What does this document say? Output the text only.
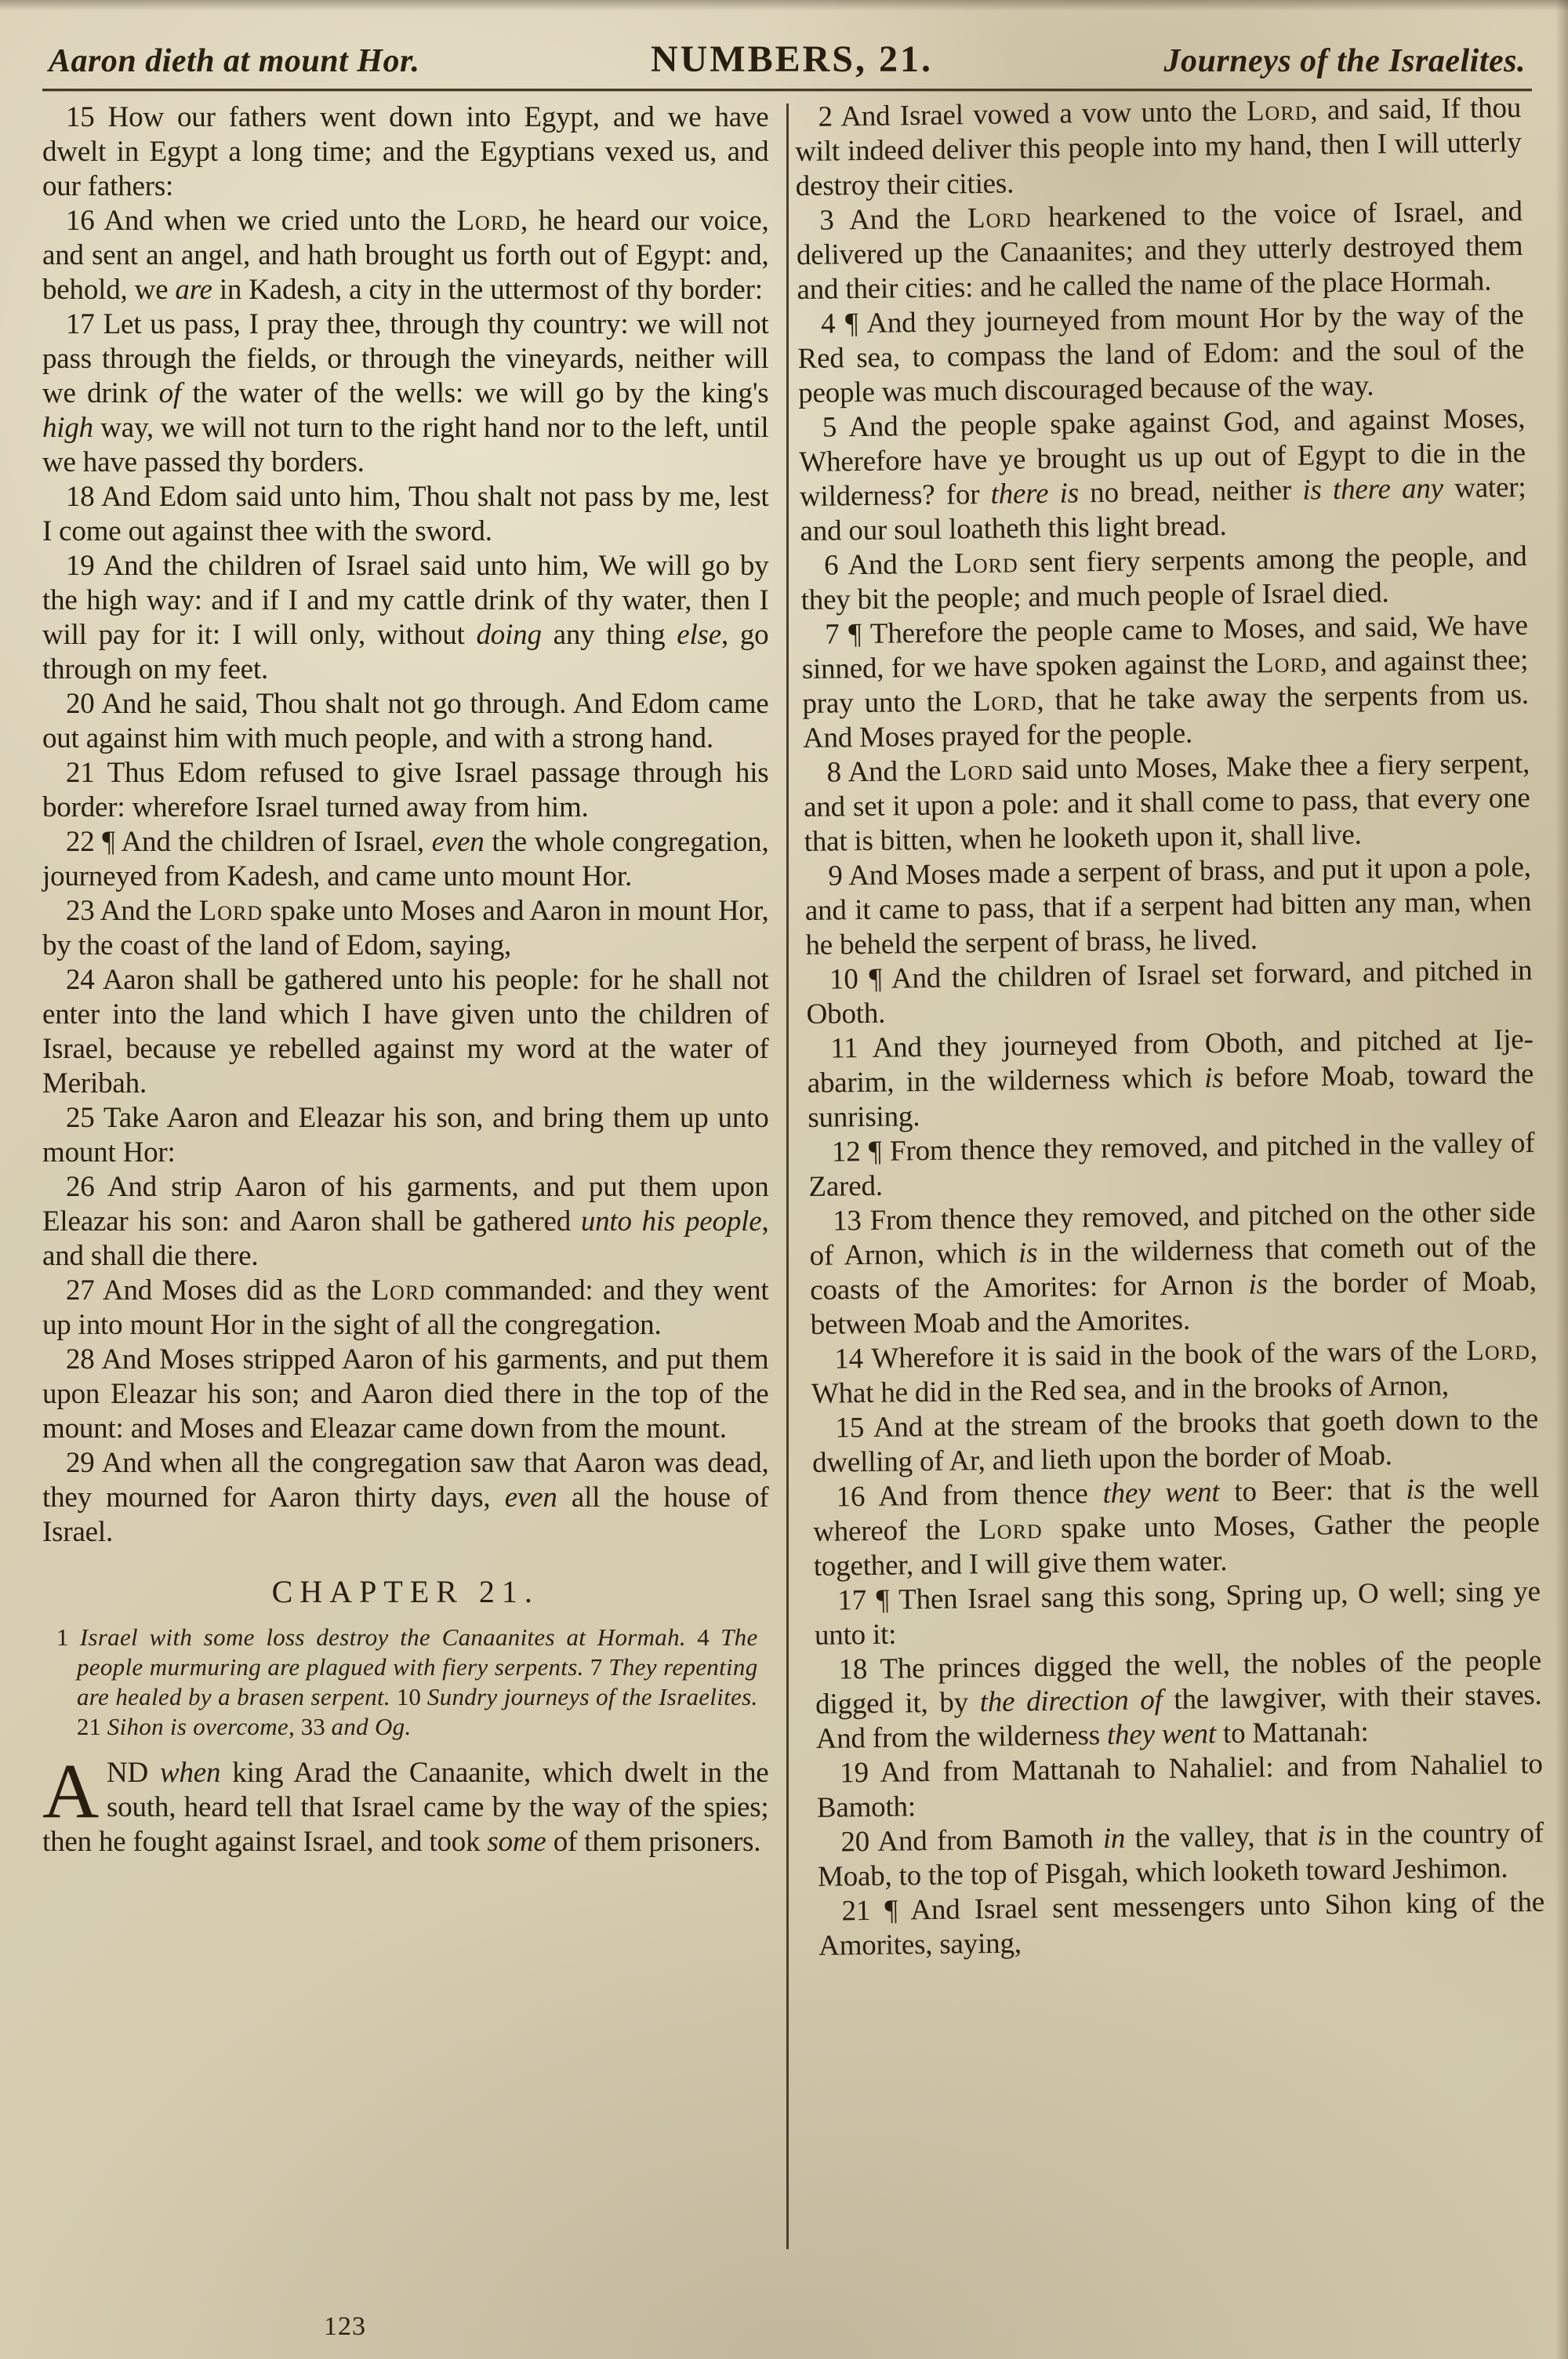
Aaron dieth at mount Hor.	NUMBERS, 21.	Journeys of the Israelites.

15 How our fathers went down into Egypt, and we have dwelt in Egypt a long time; and the Egyptians vexed us, and our fathers:

16 And when we cried unto the Lord, he heard our voice, and sent an angel, and hath brought us forth out of Egypt: and, behold, we are in Kadesh, a city in the uttermost of thy border:

17 Let us pass, I pray thee, through thy country: we will not pass through the fields, or through the vineyards, neither will we drink of the water of the wells: we will go by the king's high way, we will not turn to the right hand nor to the left, until we have passed thy borders.

18 And Edom said unto him, Thou shalt not pass by me, lest I come out against thee with the sword.

19 And the children of Israel said unto him, We will go by the high way: and if I and my cattle drink of thy water, then I will pay for it: I will only, without doing any thing else, go through on my feet.

20 And he said, Thou shalt not go through. And Edom came out against him with much people, and with a strong hand.

21 Thus Edom refused to give Israel passage through his border: wherefore Israel turned away from him.

22 ¶ And the children of Israel, even the whole congregation, journeyed from Kadesh, and came unto mount Hor.

23 And the Lord spake unto Moses and Aaron in mount Hor, by the coast of the land of Edom, saying,

24 Aaron shall be gathered unto his people: for he shall not enter into the land which I have given unto the children of Israel, because ye rebelled against my word at the water of Meribah.

25 Take Aaron and Eleazar his son, and bring them up unto mount Hor:

26 And strip Aaron of his garments, and put them upon Eleazar his son: and Aaron shall be gathered unto his people, and shall die there.

27 And Moses did as the Lord commanded: and they went up into mount Hor in the sight of all the congregation.

28 And Moses stripped Aaron of his garments, and put them upon Eleazar his son; and Aaron died there in the top of the mount: and Moses and Eleazar came down from the mount.

29 And when all the congregation saw that Aaron was dead, they mourned for Aaron thirty days, even all the house of Israel.

CHAPTER 21.

1 Israel with some loss destroy the Canaanites at Hormah. 4 The people murmuring are plagued with fiery serpents. 7 They repenting are healed by a brasen serpent. 10 Sundry journeys of the Israelites. 21 Sihon is overcome, 33 and Og.

AND when king Arad the Canaanite, which dwelt in the south, heard tell that Israel came by the way of the spies; then he fought against Israel, and took some of them prisoners.

2 And Israel vowed a vow unto the Lord, and said, If thou wilt indeed deliver this people into my hand, then I will utterly destroy their cities.

3 And the Lord hearkened to the voice of Israel, and delivered up the Canaanites; and they utterly destroyed them and their cities: and he called the name of the place Hormah.

4 ¶ And they journeyed from mount Hor by the way of the Red sea, to compass the land of Edom: and the soul of the people was much discouraged because of the way.

5 And the people spake against God, and against Moses, Wherefore have ye brought us up out of Egypt to die in the wilderness? for there is no bread, neither is there any water; and our soul loatheth this light bread.

6 And the Lord sent fiery serpents among the people, and they bit the people; and much people of Israel died.

7 ¶ Therefore the people came to Moses, and said, We have sinned, for we have spoken against the Lord, and against thee; pray unto the Lord, that he take away the serpents from us. And Moses prayed for the people.

8 And the Lord said unto Moses, Make thee a fiery serpent, and set it upon a pole: and it shall come to pass, that every one that is bitten, when he looketh upon it, shall live.

9 And Moses made a serpent of brass, and put it upon a pole, and it came to pass, that if a serpent had bitten any man, when he beheld the serpent of brass, he lived.

10 ¶ And the children of Israel set forward, and pitched in Oboth.

11 And they journeyed from Oboth, and pitched at Ije-abarim, in the wilderness which is before Moab, toward the sunrising.

12 ¶ From thence they removed, and pitched in the valley of Zared.

13 From thence they removed, and pitched on the other side of Arnon, which is in the wilderness that cometh out of the coasts of the Amorites: for Arnon is the border of Moab, between Moab and the Amorites.

14 Wherefore it is said in the book of the wars of the Lord, What he did in the Red sea, and in the brooks of Arnon,

15 And at the stream of the brooks that goeth down to the dwelling of Ar, and lieth upon the border of Moab.

16 And from thence they went to Beer: that is the well whereof the Lord spake unto Moses, Gather the people together, and I will give them water.

17 ¶ Then Israel sang this song, Spring up, O well; sing ye unto it:

18 The princes digged the well, the nobles of the people digged it, by the direction of the lawgiver, with their staves. And from the wilderness they went to Mattanah:

19 And from Mattanah to Nahaliel: and from Nahaliel to Bamoth:

20 And from Bamoth in the valley, that is in the country of Moab, to the top of Pisgah, which looketh toward Jeshimon.

21 ¶ And Israel sent messengers unto Sihon king of the Amorites, saying,

123
